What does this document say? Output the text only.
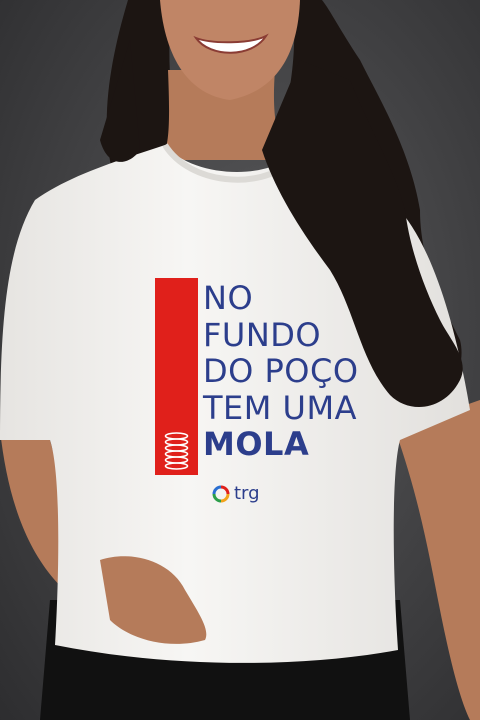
NO
FUNDO
DO POÇO
TEM UMA
MOLA
trg
